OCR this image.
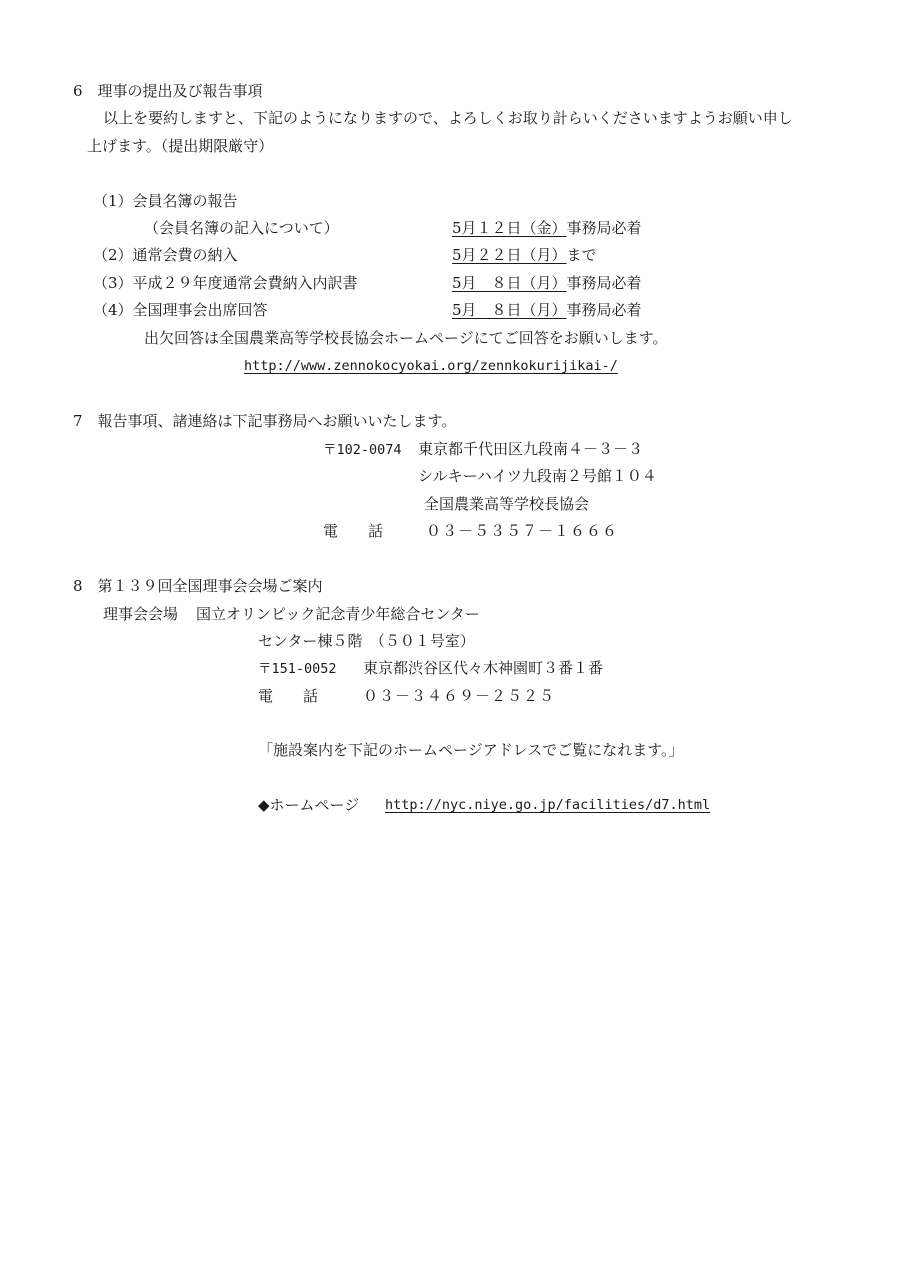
6　理事の提出及び報告事項
以上を要約しますと、下記のようになりますので、よろしくお取り計らいくださいますようお願い申し
上げます。（提出期限厳守）
（1）会員名簿の報告
（会員名簿の記入について）	5月１２日（金）事務局必着
（2）通常会費の納入	5月２２日（月）まで
（3）平成２９年度通常会費納入内訳書	5月　８日（月）事務局必着
（4）全国理事会出席回答	5月　８日（月）事務局必着
出欠回答は全国農業高等学校長協会ホームページにてご回答をお願いします。
http://www.zennokocyokai.org/zennkokurijikai-/
7　報告事項、諸連絡は下記事務局へお願いいたします。
〒102-0074 東京都千代田区九段南４－３－３
シルキーハイツ九段南２号館１０４
全国農業高等学校長協会
電　　話	０３－５３５７－１６６６
8　第１３９回全国理事会会場ご案内
理事会会場 国立オリンピック記念青少年総合センター
センター棟５階　（５０１号室）
〒151-0052 東京都渋谷区代々木神園町３番１番
電　　話	０３－３４６９－２５２５
「施設案内を下記のホームページアドレスでご覧になれます。」
◆ホームページ http://nyc.niye.go.jp/facilities/d7.html
